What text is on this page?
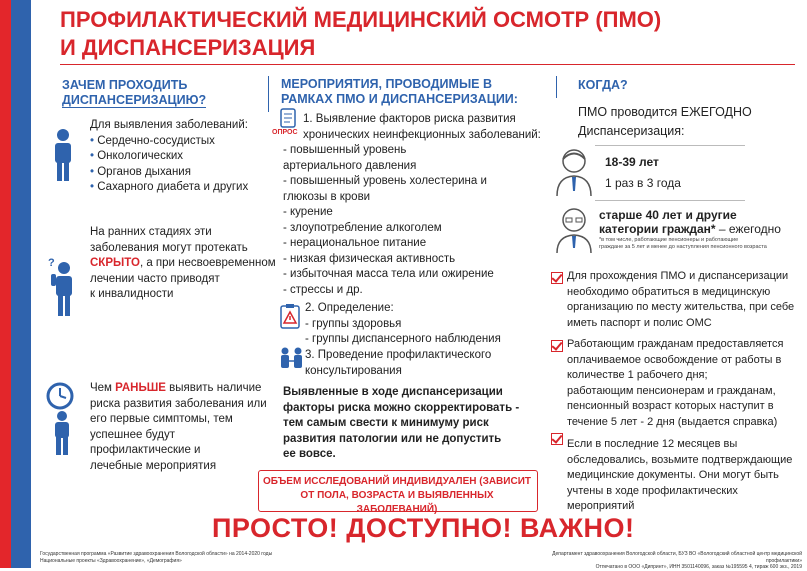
ПРОФИЛАКТИЧЕСКИЙ МЕДИЦИНСКИЙ ОСМОТР (ПМО)
И ДИСПАНСЕРИЗАЦИЯ
ЗАЧЕМ ПРОХОДИТЬ
ДИСПАНСЕРИЗАЦИЮ?
Для выявления заболеваний:
• Сердечно-сосудистых
• Онкологических
• Органов дыхания
• Сахарного диабета и других
?
На ранних стадиях эти
заболевания могут протекать
СКРЫТО, а при несвоевременном
лечении часто приводят
к инвалидности
Чем РАНЬШЕ выявить наличие
риска развития заболевания или
его первые симптомы, тем
успешнее будут
профилактические и
лечебные мероприятия
МЕРОПРИЯТИЯ, ПРОВОДИМЫЕ В
РАМКАХ ПМО И ДИСПАНСЕРИЗАЦИИ:
ОПРОС
1. Выявление факторов риска развития
хронических неинфекционных заболеваний:
- повышенный уровень
артериального давления
- повышенный уровень холестерина и
глюкозы в крови
- курение
- злоупотребление алкоголем
- нерациональное питание
- низкая физическая активность
- избыточная масса тела или ожирение
- стрессы и др.
2. Определение:
- группы здоровья
- группы диспансерного наблюдения
3. Проведение профилактического
консультирования
Выявленные в ходе диспансеризации
факторы риска можно скорректировать -
тем самым свести к минимуму риск
развития патологии или не допустить
ее вовсе.
ОБЪЕМ ИССЛЕДОВАНИЙ ИНДИВИДУАЛЕН (ЗАВИСИТ
ОТ ПОЛА, ВОЗРАСТА И ВЫЯВЛЕННЫХ ЗАБОЛЕВАНИЙ)
КОГДА?
ПМО проводится ЕЖЕГОДНО
Диспансеризация:
18-39 лет
1 раз в 3 года
старше 40 лет и другие
категории граждан* – ежегодно
*в том числе, работающие пенсионеры и работающие
граждане за 5 лет и менее до наступления пенсионного возраста
Для прохождения ПМО и диспансеризации
необходимо обратиться в медицинскую
организацию по месту жительства, при себе
иметь паспорт и полис ОМС
Работающим гражданам предоставляется
оплачиваемое освобождение от работы в
количестве 1 рабочего дня;
работающим пенсионерам и гражданам,
пенсионный возраст которых наступит в
течение 5 лет - 2 дня (выдается справка)
Если в последние 12 месяцев вы
обследовались, возьмите подтверждающие
медицинские документы. Они могут быть
учтены в ходе профилактических мероприятий
ПРОСТО! ДОСТУПНО! ВАЖНО!
Государственная программа «Развитие здравоохранения Вологодской области» на 2014-2020 годы
Национальные проекты «Здравоохранение», «Демография»
Департамент здравоохранения Вологодской области, БУЗ ВО «Вологодский областной центр медицинской профилактики»
Отпечатано в ООО «Дипринт», ИНН 3501140096, заказ №195595 4, тираж 600 экз., 2019
